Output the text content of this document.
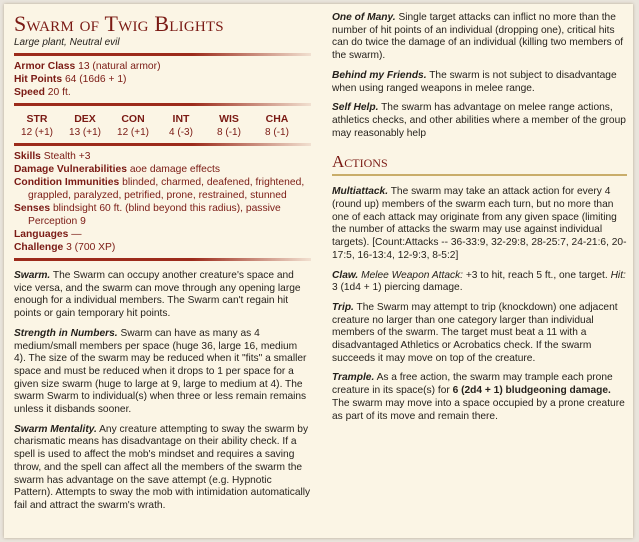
Swarm of Twig Blights
Large plant, Neutral evil
Armor Class 13 (natural armor)
Hit Points 64 (16d6 + 1)
Speed 20 ft.
STR
12 (+1)
DEX
13 (+1)
CON
12 (+1)
INT
4 (-3)
WIS
8 (-1)
CHA
8 (-1)
Skills Stealth +3
Damage Vulnerabilities aoe damage effects
Condition Immunities blinded, charmed, deafened, frightened, grappled, paralyzed, petrified, prone, restrained, stunned
Senses blindsight 60 ft. (blind beyond this radius), passive Perception 9
Languages —
Challenge 3 (700 XP)

Swarm. The Swarm can occupy another creature's space and vice versa, and the swarm can move through any opening large enough for a individual members. The Swarm can't regain hit points or gain temporary hit points.

Strength in Numbers. Swarm can have as many as 4 medium/small members per space (huge 36, large 16, medium 4). The size of the swarm may be reduced when it "fits" a smaller space and must be reduced when it drops to 1 per space for a given size swarm (huge to large at 9, large to medium at 4). The swarm Swarm to individual(s) when three or less remain remains unless it disbands sooner.

Swarm Mentality. Any creature attempting to sway the swarm by charismatic means has disadvantage on their ability check. If a spell is used to affect the mob's mindset and requires a saving throw, and the spell can affect all the members of the swarm the swarm has advantage on the save attempt (e.g. Hypnotic Pattern). Attempts to sway the mob with intimidation automatically fail and attract the swarm's wrath.

One of Many. Single target attacks can inflict no more than the number of hit points of an individual (dropping one), critical hits can do twice the damage of an individual (killing two members of the swarm).

Behind my Friends. The swarm is not subject to disadvantage when using ranged weapons in melee range.

Self Help. The swarm has advantage on melee range actions, athletics checks, and other abilities where a member of the group may reasonably help

Actions

Multiattack. The swarm may take an attack action for every 4 (round up) members of the swarm each turn, but no more than one of each attack may originate from any given space (limiting the number of attacks the swarm may use against individual targets). [Count:Attacks -- 36-33:9, 32-29:8, 28-25:7, 24-21:6, 20-17:5, 16-13:4, 12-9:3, 8-5:2]

Claw. Melee Weapon Attack: +3 to hit, reach 5 ft., one target. Hit: 3 (1d4 + 1) piercing damage.

Trip. The Swarm may attempt to trip (knockdown) one adjacent creature no larger than one category larger than individual members of the swarm. The target must beat a 11 with a disadvantaged Athletics or Acrobatics check. If the swarm succeeds it may move on top of the creature.

Trample. As a free action, the swarm may trample each prone creature in its space(s) for 6 (2d4 + 1) bludgeoning damage. The swarm may move into a space occupied by a prone creature as part of its move and remain there.
